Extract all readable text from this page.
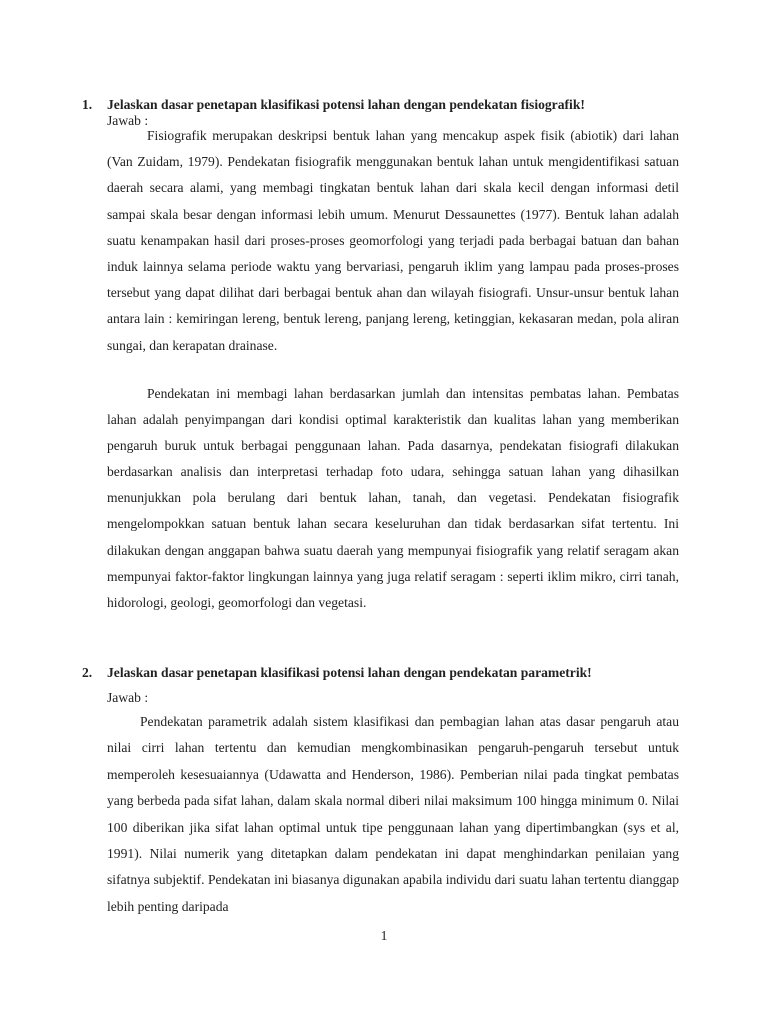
1. Jelaskan dasar penetapan klasifikasi potensi lahan dengan pendekatan fisiografik!
Jawab :
Fisiografik merupakan deskripsi bentuk lahan yang mencakup aspek fisik (abiotik) dari lahan (Van Zuidam, 1979). Pendekatan fisiografik menggunakan bentuk lahan untuk mengidentifikasi satuan daerah secara alami, yang membagi tingkatan bentuk lahan dari skala kecil dengan informasi detil sampai skala besar dengan informasi lebih umum. Menurut Dessaunettes (1977). Bentuk lahan adalah suatu kenampakan hasil dari proses-proses geomorfologi yang terjadi pada berbagai batuan dan bahan induk lainnya selama periode waktu yang bervariasi, pengaruh iklim yang lampau pada proses-proses tersebut yang dapat dilihat dari berbagai bentuk ahan dan wilayah fisiografi. Unsur-unsur bentuk lahan antara lain : kemiringan lereng, bentuk lereng, panjang lereng, ketinggian, kekasaran medan, pola aliran sungai, dan kerapatan drainase.
Pendekatan ini membagi lahan berdasarkan jumlah dan intensitas pembatas lahan. Pembatas lahan adalah penyimpangan dari kondisi optimal karakteristik dan kualitas lahan yang memberikan pengaruh buruk untuk berbagai penggunaan lahan. Pada dasarnya, pendekatan fisiografi dilakukan berdasarkan analisis dan interpretasi terhadap foto udara, sehingga satuan lahan yang dihasilkan menunjukkan pola berulang dari bentuk lahan, tanah, dan vegetasi. Pendekatan fisiografik mengelompokkan satuan bentuk lahan secara keseluruhan dan tidak berdasarkan sifat tertentu. Ini dilakukan dengan anggapan bahwa suatu daerah yang mempunyai fisiografik yang relatif seragam akan mempunyai faktor-faktor lingkungan lainnya yang juga relatif seragam : seperti iklim mikro, cirri tanah, hidorologi, geologi, geomorfologi dan vegetasi.
2. Jelaskan dasar penetapan klasifikasi potensi lahan dengan pendekatan parametrik!
Jawab :
Pendekatan parametrik adalah sistem klasifikasi dan pembagian lahan atas dasar pengaruh atau nilai cirri lahan tertentu dan kemudian mengkombinasikan pengaruh-pengaruh tersebut untuk memperoleh kesesuaiannya (Udawatta and Henderson, 1986). Pemberian nilai pada tingkat pembatas yang berbeda pada sifat lahan, dalam skala normal diberi nilai maksimum 100 hingga minimum 0. Nilai 100 diberikan jika sifat lahan optimal untuk tipe penggunaan lahan yang dipertimbangkan (sys et al, 1991). Nilai numerik yang ditetapkan dalam pendekatan ini dapat menghindarkan penilaian yang sifatnya subjektif. Pendekatan ini biasanya digunakan apabila individu dari suatu lahan tertentu dianggap lebih penting daripada
1
